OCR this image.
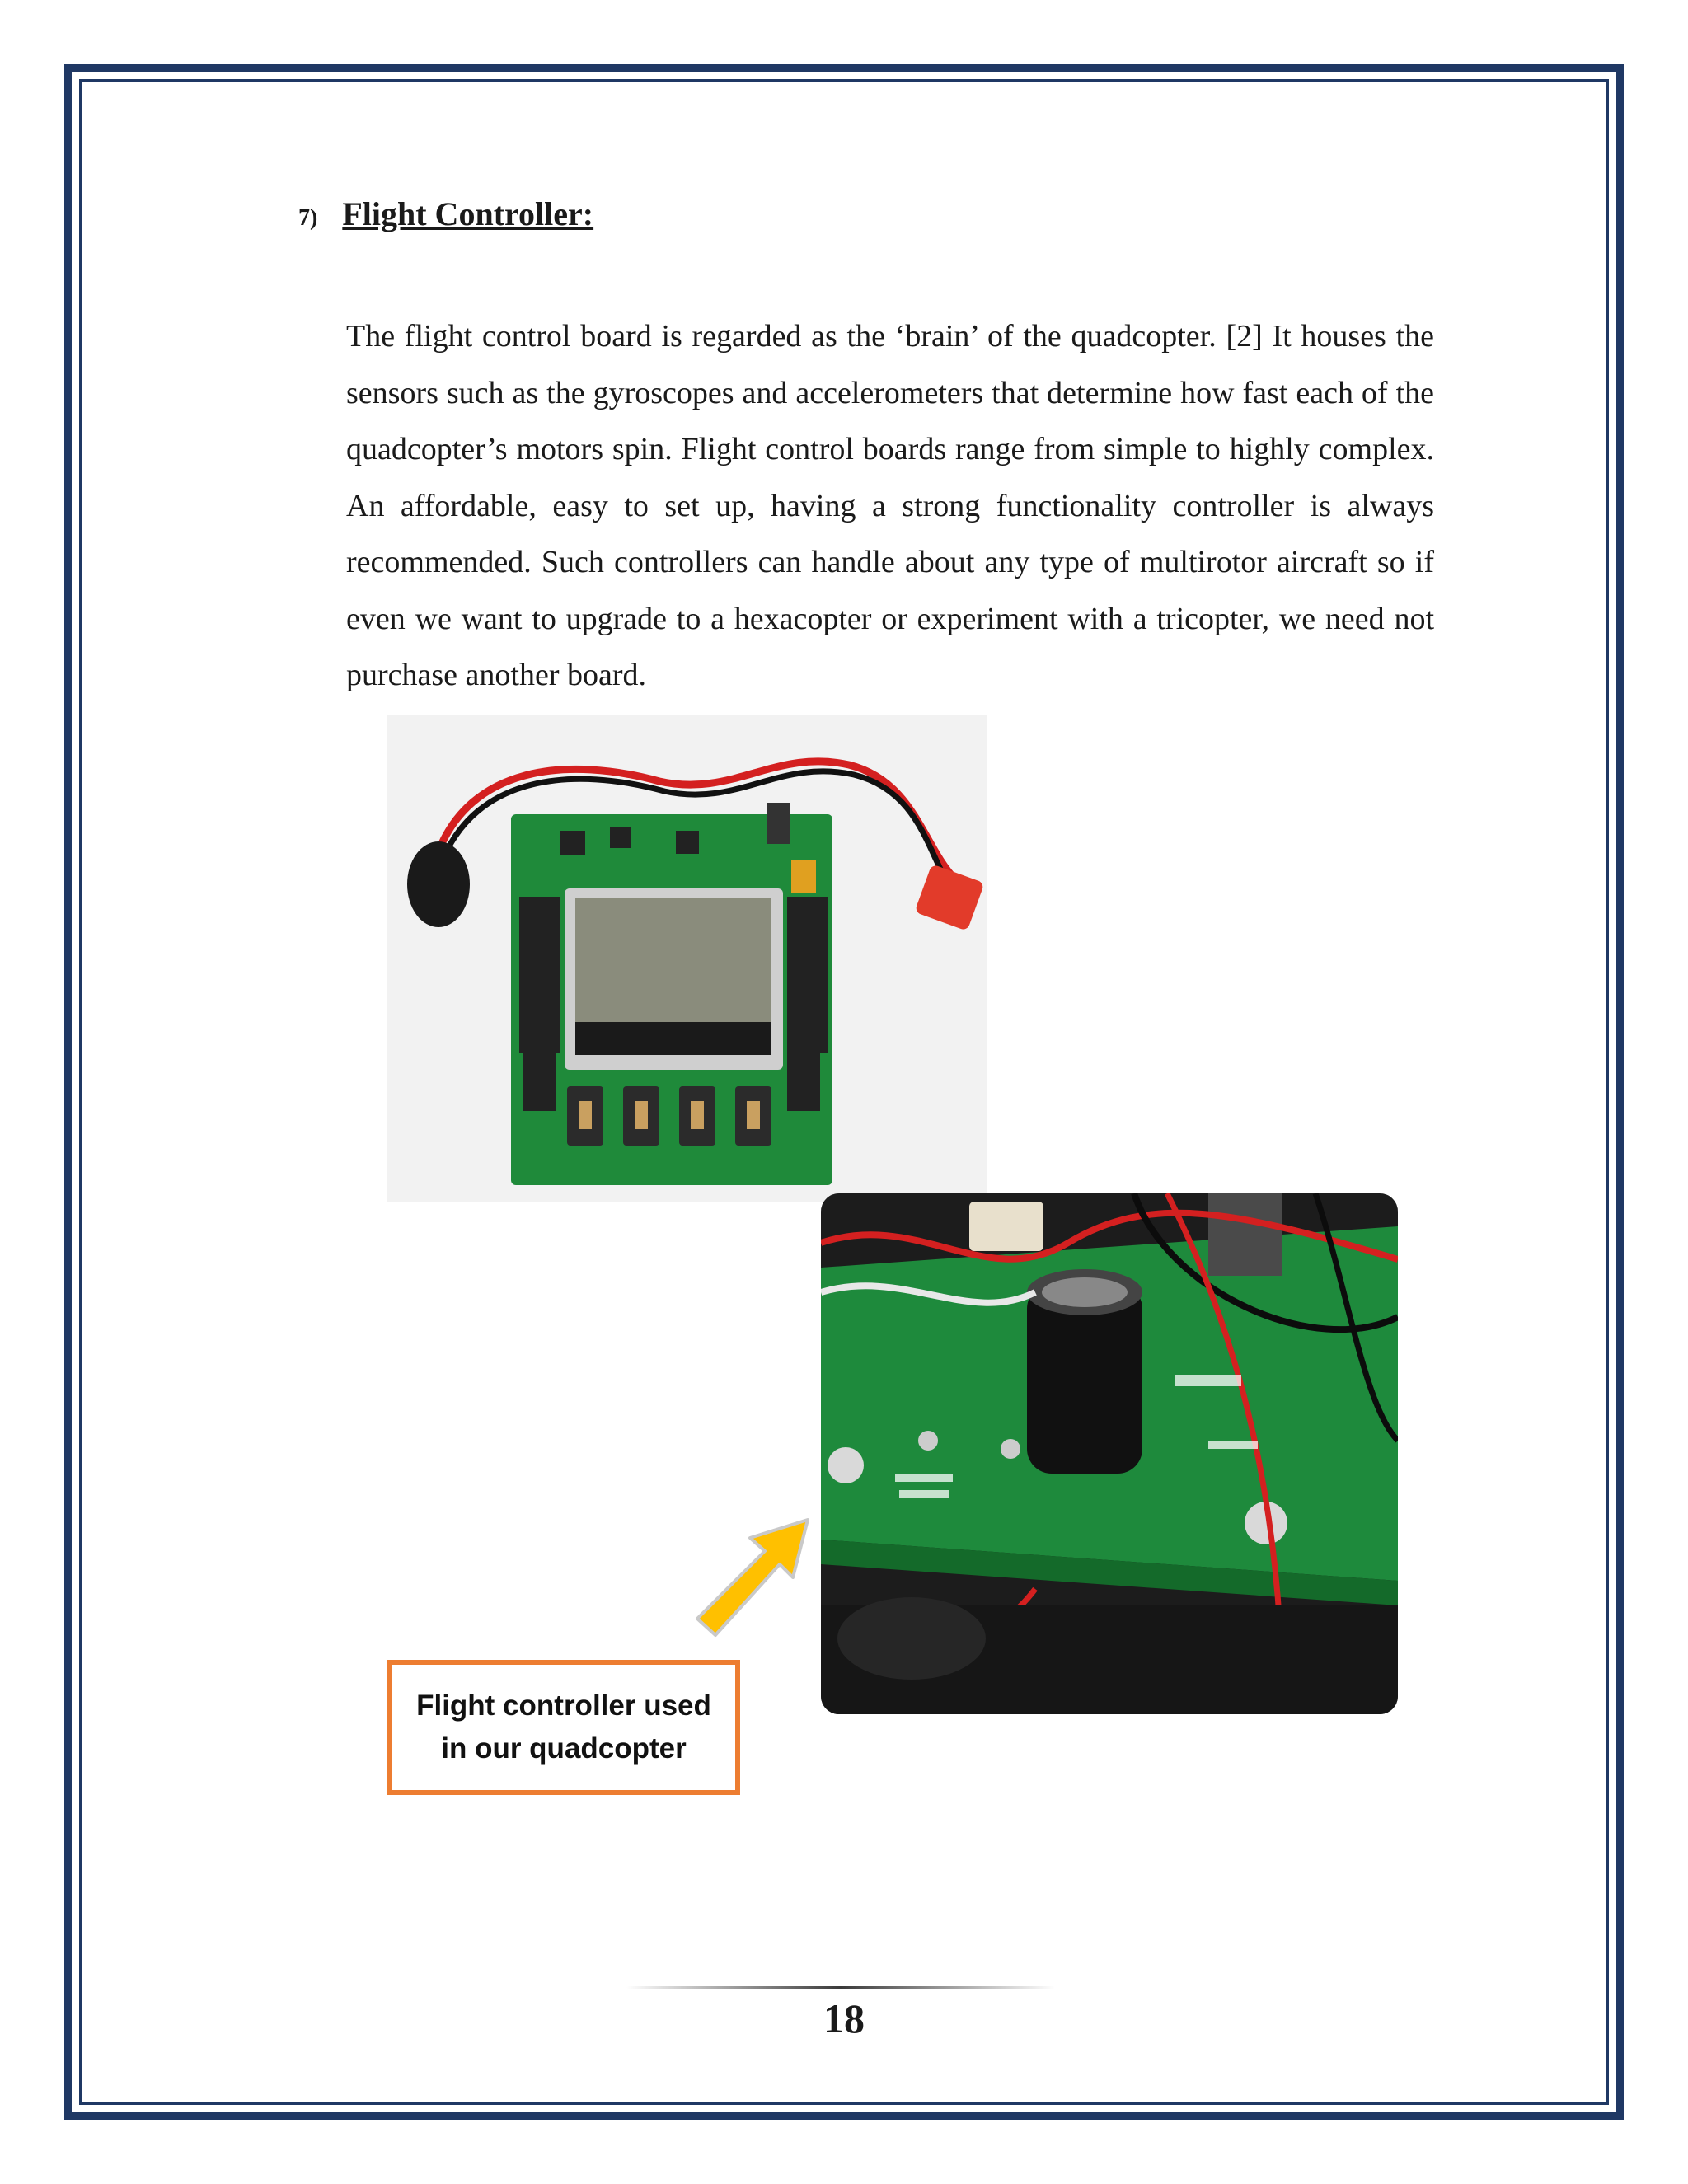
7) Flight Controller:

The flight control board is regarded as the ‘brain’ of the quadcopter. [2] It houses the sensors such as the gyroscopes and accelerometers that determine how fast each of the quadcopter’s motors spin. Flight control boards range from simple to highly complex. An affordable, easy to set up, having a strong functionality controller is always recommended. Such controllers can handle about any type of multirotor aircraft so if even we want to upgrade to a hexacopter or experiment with a tricopter, we need not purchase another board.

Flight controller used in our quadcopter
18
